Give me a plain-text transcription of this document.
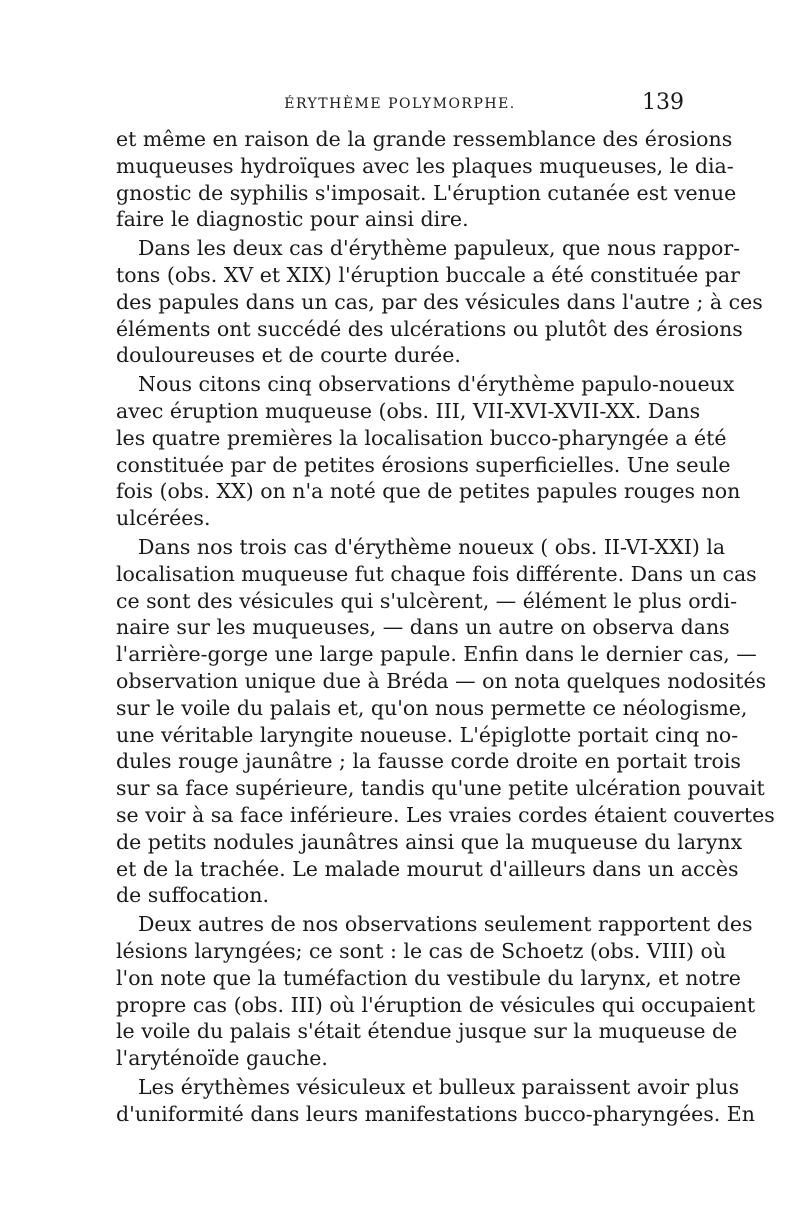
ÉRYTHÈME POLYMORPHE.	139
et même en raison de la grande ressemblance des érosions
muqueuses hydroïques avec les plaques muqueuses, le dia-
gnostic de syphilis s'imposait. L'éruption cutanée est venue
faire le diagnostic pour ainsi dire.
Dans les deux cas d'érythème papuleux, que nous rappor-
tons (obs. XV et XIX) l'éruption buccale a été constituée par
des papules dans un cas, par des vésicules dans l'autre ; à ces
éléments ont succédé des ulcérations ou plutôt des érosions
douloureuses et de courte durée.
Nous citons cinq observations d'érythème papulo-noueux
avec éruption muqueuse (obs. III, VII-XVI-XVII-XX. Dans
les quatre premières la localisation bucco-pharyngée a été
constituée par de petites érosions superficielles. Une seule
fois (obs. XX) on n'a noté que de petites papules rouges non
ulcérées.
Dans nos trois cas d'érythème noueux ( obs. II-VI-XXI) la
localisation muqueuse fut chaque fois différente. Dans un cas
ce sont des vésicules qui s'ulcèrent, — élément le plus ordi-
naire sur les muqueuses, — dans un autre on observa dans
l'arrière-gorge une large papule. Enfin dans le dernier cas, —
observation unique due à Bréda — on nota quelques nodosités
sur le voile du palais et, qu'on nous permette ce néologisme,
une véritable laryngite noueuse. L'épiglotte portait cinq no-
dules rouge jaunâtre ; la fausse corde droite en portait trois
sur sa face supérieure, tandis qu'une petite ulcération pouvait
se voir à sa face inférieure. Les vraies cordes étaient couvertes
de petits nodules jaunâtres ainsi que la muqueuse du larynx
et de la trachée. Le malade mourut d'ailleurs dans un accès
de suffocation.
Deux autres de nos observations seulement rapportent des
lésions laryngées; ce sont : le cas de Schoetz (obs. VIII) où
l'on note que la tuméfaction du vestibule du larynx, et notre
propre cas (obs. III) où l'éruption de vésicules qui occupaient
le voile du palais s'était étendue jusque sur la muqueuse de
l'aryténoïde gauche.
Les érythèmes vésiculeux et bulleux paraissent avoir plus
d'uniformité dans leurs manifestations bucco-pharyngées. En
